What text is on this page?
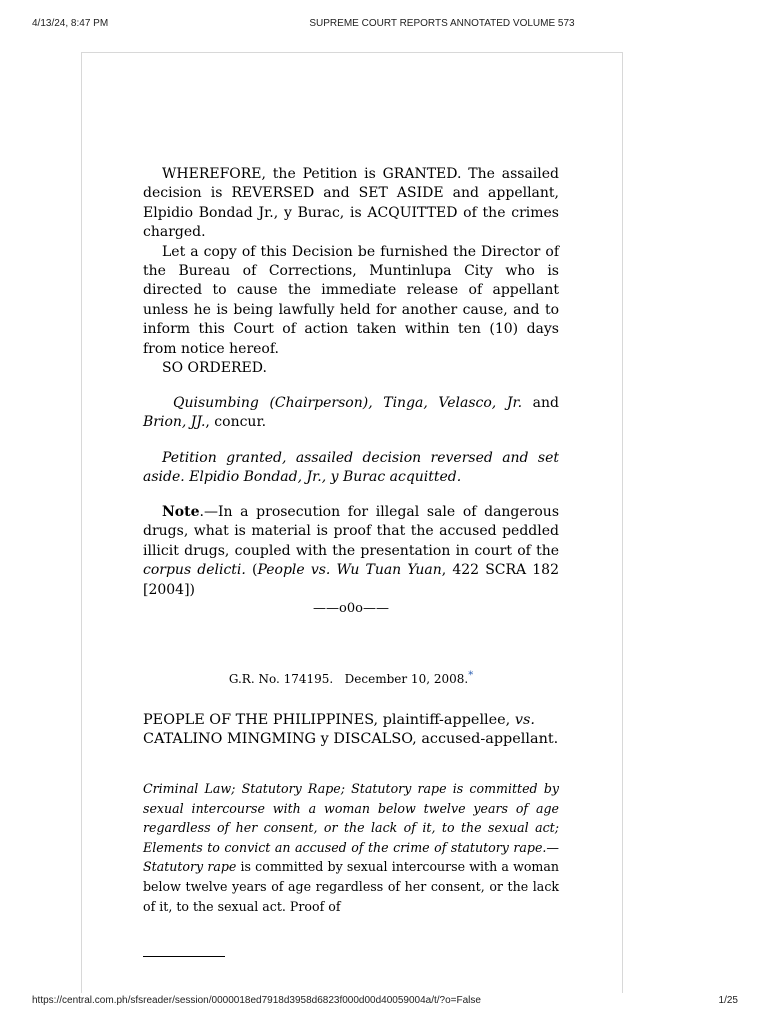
4/13/24, 8:47 PM	SUPREME COURT REPORTS ANNOTATED VOLUME 573

WHEREFORE, the Petition is GRANTED. The assailed decision is REVERSED and SET ASIDE and appellant, Elpidio Bondad Jr., y Burac, is ACQUITTED of the crimes charged.

Let a copy of this Decision be furnished the Director of the Bureau of Corrections, Muntinlupa City who is directed to cause the immediate release of appellant unless he is being lawfully held for another cause, and to inform this Court of action taken within ten (10) days from notice hereof.

SO ORDERED.

Quisumbing (Chairperson), Tinga, Velasco, Jr. and Brion, JJ., concur.

Petition granted, assailed decision reversed and set aside. Elpidio Bondad, Jr., y Burac acquitted.

Note.—In a prosecution for illegal sale of dangerous drugs, what is material is proof that the accused peddled illicit drugs, coupled with the presentation in court of the corpus delicti. (People vs. Wu Tuan Yuan, 422 SCRA 182 [2004])

——o0o——
G.R. No. 174195. December 10, 2008.*

PEOPLE OF THE PHILIPPINES, plaintiff-appellee, vs. CATALINO MINGMING y DISCALSO, accused-appellant.

Criminal Law; Statutory Rape; Statutory rape is committed by sexual intercourse with a woman below twelve years of age regardless of her consent, or the lack of it, to the sexual act; Elements to convict an accused of the crime of statutory rape.—Statutory rape is committed by sexual intercourse with a woman below twelve years of age regardless of her consent, or the lack of it, to the sexual act. Proof of

https://central.com.ph/sfsreader/session/0000018ed7918d3958d6823f000d00d40059004a/t/?o=False	1/25
